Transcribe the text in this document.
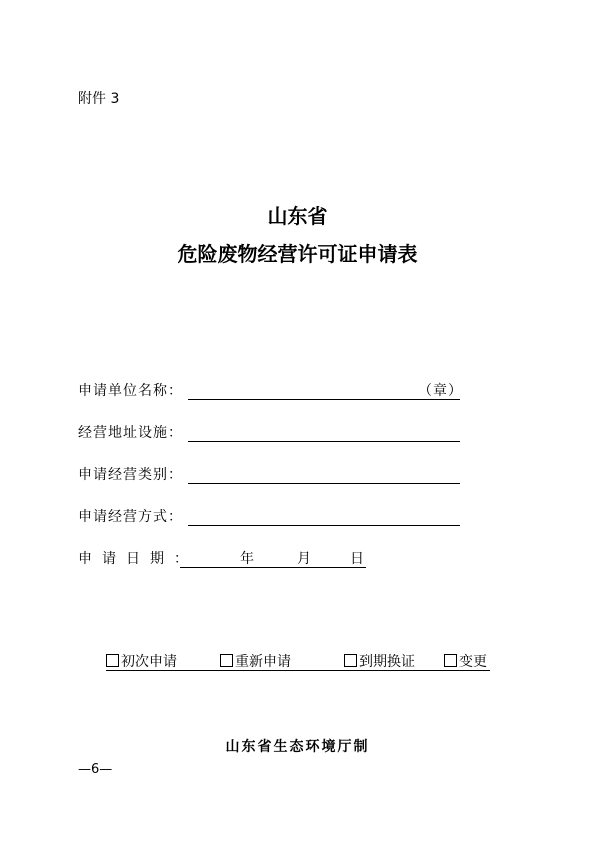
附件 3
山东省
危险废物经营许可证申请表
申请单位名称：	（章）
经营地址设施：
申请经营类别：
申请经营方式：
申 请 日 期 ：	年	月	日
初次申请	重新申请	到期换证	变更
山东省生态环境厅制
—6—
